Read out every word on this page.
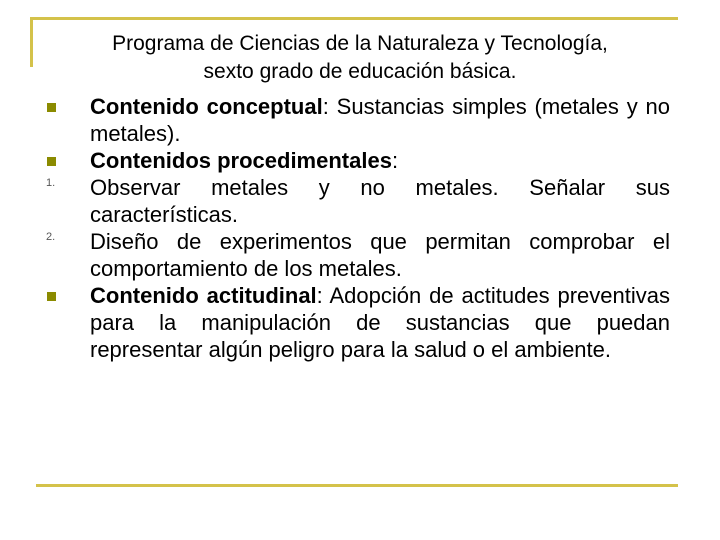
Programa de Ciencias de la Naturaleza y Tecnología,
sexto grado de educación básica.
Contenido conceptual: Sustancias simples (metales y no metales).
Contenidos procedimentales:
1. Observar metales y no metales. Señalar sus características.
2. Diseño de experimentos que permitan comprobar el comportamiento de los metales.
Contenido actitudinal: Adopción de actitudes preventivas para la manipulación de sustancias que puedan representar algún peligro para la salud o el ambiente.
